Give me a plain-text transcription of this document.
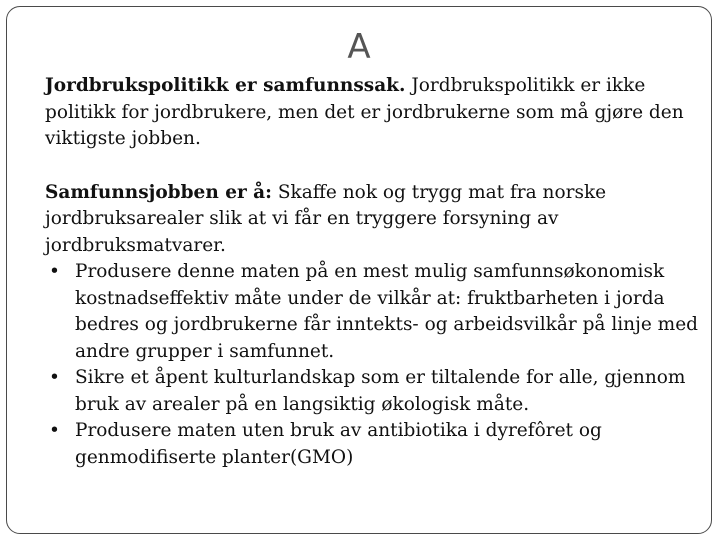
A

Jordbrukspolitikk er samfunnssak. Jordbrukspolitikk er ikke politikk for jordbrukere, men det er jordbrukerne som må gjøre den viktigste jobben.

Samfunnsjobben er å: Skaffe nok og trygg mat fra norske jordbruksarealer slik at vi får en tryggere forsyning av jordbruksmatvarer.

• Produsere denne maten på en mest mulig samfunnsøkonomisk kostnadseffektiv måte under de vilkår at: fruktbarheten i jorda bedres og jordbrukerne får inntekts- og arbeidsvilkår på linje med andre grupper i samfunnet.
• Sikre et åpent kulturlandskap som er tiltalende for alle, gjennom bruk av arealer på en langsiktig økologisk måte.
• Produsere maten uten bruk av antibiotika i dyrefôret og genmodifiserte planter(GMO)
